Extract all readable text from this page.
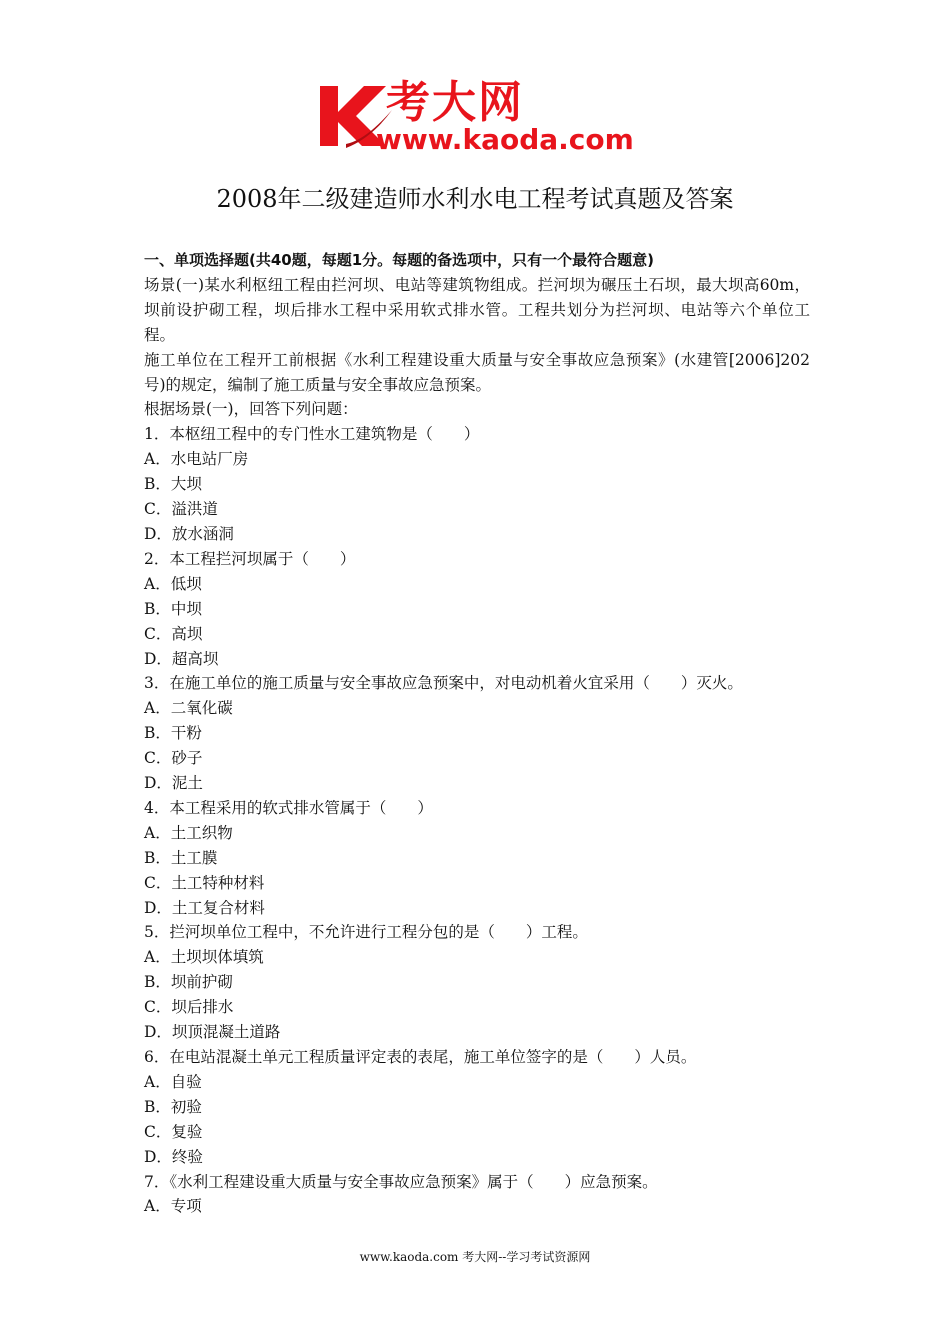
考大网
www.kaoda.com
2008年二级建造师水利水电工程考试真题及答案

一、单项选择题(共40题，每题1分。每题的备选项中，只有一个最符合题意)

场景(一)某水利枢纽工程由拦河坝、电站等建筑物组成。拦河坝为碾压土石坝，最大坝高60m，坝前设护砌工程，坝后排水工程中采用软式排水管。工程共划分为拦河坝、电站等六个单位工程。

施工单位在工程开工前根据《水利工程建设重大质量与安全事故应急预案》(水建管[2006]202号)的规定，编制了施工质量与安全事故应急预案。

根据场景(一)，回答下列问题：

1．本枢纽工程中的专门性水工建筑物是（　　）

A．水电站厂房

B．大坝

C．溢洪道

D．放水涵洞

2．本工程拦河坝属于（　　）

A．低坝

B．中坝

C．高坝

D．超高坝

3．在施工单位的施工质量与安全事故应急预案中，对电动机着火宜采用（　　）灭火。

A．二氧化碳

B．干粉

C．砂子

D．泥土

4．本工程采用的软式排水管属于（　　）

A．土工织物

B．土工膜

C．土工特种材料

D．土工复合材料

5．拦河坝单位工程中，不允许进行工程分包的是（　　）工程。

A．土坝坝体填筑

B．坝前护砌

C．坝后排水

D．坝顶混凝土道路

6．在电站混凝土单元工程质量评定表的表尾，施工单位签字的是（　　）人员。

A．自验

B．初验

C．复验

D．终验

7．《水利工程建设重大质量与安全事故应急预案》属于（　　）应急预案。

A．专项

www.kaoda.com 考大网--学习考试资源网
